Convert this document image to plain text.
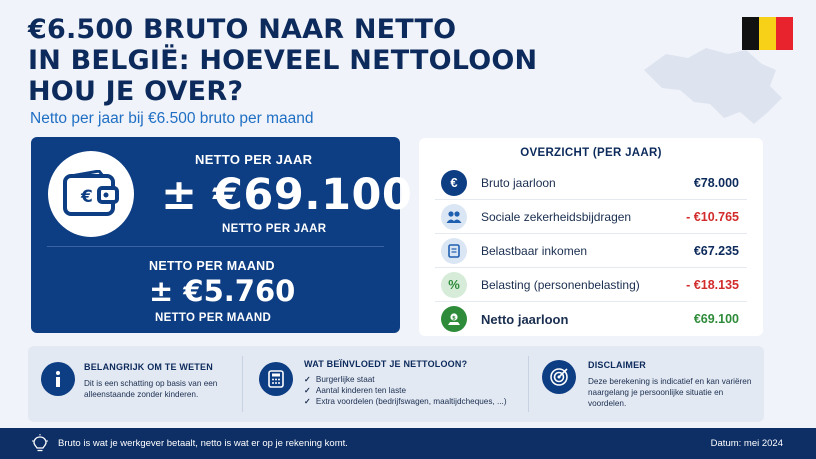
€6.500 BRUTO NAAR NETTO
IN BELGIË: HOEVEEL NETTOLOON
HOU JE OVER?
Netto per jaar bij €6.500 bruto per maand
€
NETTO PER JAAR
± €69.100
NETTO PER JAAR
NETTO PER MAAND
± €5.760
NETTO PER MAAND
OVERZICHT (PER JAAR)
€	Bruto jaarloon	€78.000
Sociale zekerheidsbijdragen	- €10.765
Belastbaar inkomen	€67.235
%	Belasting (personenbelasting)	- €18.135
$ Netto jaarloon	€69.100
BELANGRIJK OM TE WETEN
Dit is een schatting op basis van een alleenstaande zonder kinderen.
WAT BEÏNVLOEDT JE NETTOLOON?
✓ Burgerlijke staat
✓ Aantal kinderen ten laste
✓ Extra voordelen (bedrijfswagen, maaltijdcheques, ...)
DISCLAIMER
Deze berekening is indicatief en kan variëren naargelang je persoonlijke situatie en voordelen.
Bruto is wat je werkgever betaalt, netto is wat er op je rekening komt.	Datum: mei 2024
